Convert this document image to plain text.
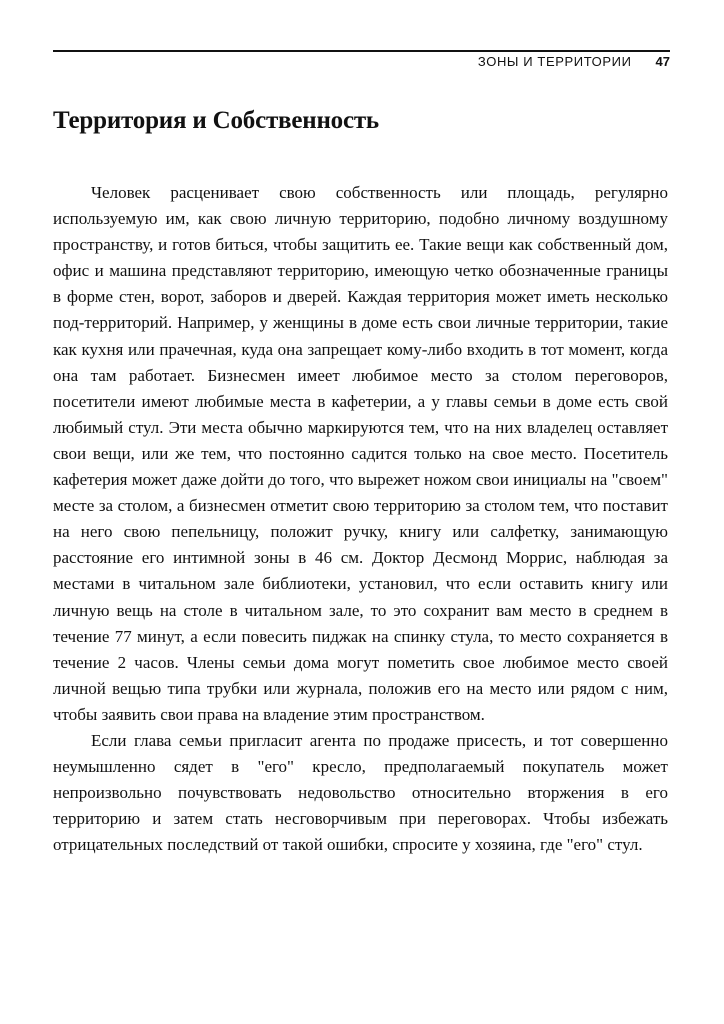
ЗОНЫ И ТЕРРИТОРИИ 47
Территория и Собственность

Человек расценивает свою собственность или площадь, регулярно используемую им, как свою личную территорию, подобно личному воздушному пространству, и готов биться, чтобы защитить ее. Такие вещи как собственный дом, офис и машина представляют территорию, имеющую четко обозначенные границы в форме стен, ворот, заборов и дверей. Каждая территория может иметь несколько под-территорий. Например, у женщины в доме есть свои личные территории, такие как кухня или прачечная, куда она запрещает кому-либо входить в тот момент, когда она там работает. Бизнесмен имеет любимое место за столом переговоров, посетители имеют любимые места в кафетерии, а у главы семьи в доме есть свой любимый стул. Эти места обычно маркируются тем, что на них владелец оставляет свои вещи, или же тем, что постоянно садится только на свое место. Посетитель кафетерия может даже дойти до того, что вырежет ножом свои инициалы на "своем" месте за столом, а бизнесмен отметит свою территорию за столом тем, что поставит на него свою пепельницу, положит ручку, книгу или салфетку, занимающую расстояние его интимной зоны в 46 см. Доктор Десмонд Моррис, наблюдая за местами в читальном зале библиотеки, установил, что если оставить книгу или личную вещь на столе в читальном зале, то это сохранит вам место в среднем в течение 77 минут, а если повесить пиджак на спинку стула, то место сохраняется в течение 2 часов. Члены семьи дома могут пометить свое любимое место своей личной вещью типа трубки или журнала, положив его на место или рядом с ним, чтобы заявить свои права на владение этим пространством.

Если глава семьи пригласит агента по продаже присесть, и тот совершенно неумышленно сядет в "его" кресло, предполагаемый покупатель может непроизвольно почувствовать недовольство относительно вторжения в его территорию и затем стать несговорчивым при переговорах. Чтобы избежать отрицательных последствий от такой ошибки, спросите у хозяина, где "его" стул.
